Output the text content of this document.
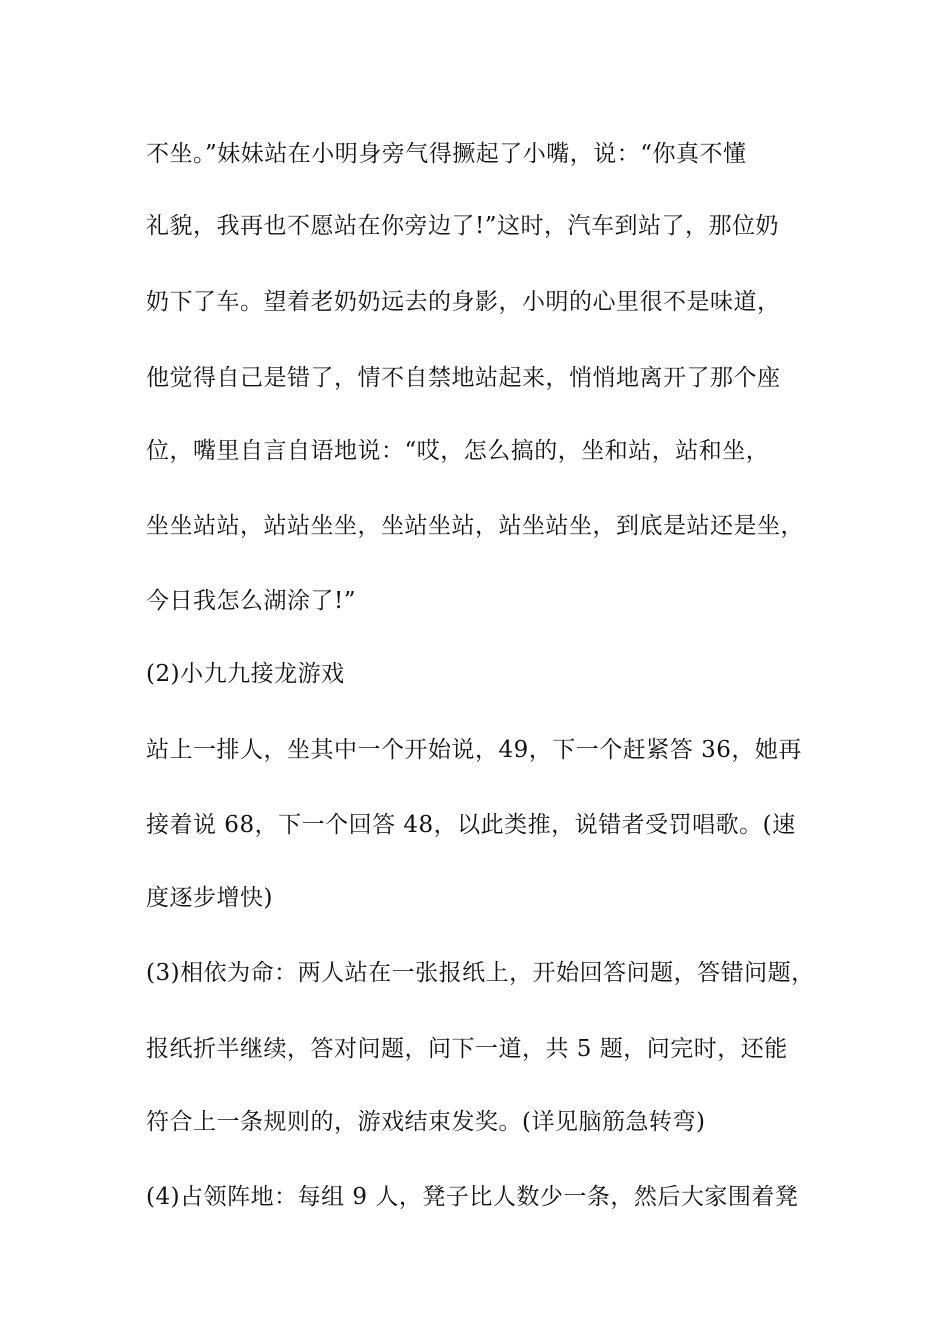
不坐。”妹妹站在小明身旁气得撅起了小嘴，说：“你真不懂
礼貌，我再也不愿站在你旁边了!”这时，汽车到站了，那位奶
奶下了车。望着老奶奶远去的身影，小明的心里很不是味道，
他觉得自己是错了，情不自禁地站起来，悄悄地离开了那个座
位，嘴里自言自语地说：“哎，怎么搞的，坐和站，站和坐，
坐坐站站，站站坐坐，坐站坐站，站坐站坐，到底是站还是坐，
今日我怎么湖涂了!”
(2)小九九接龙游戏
站上一排人，坐其中一个开始说，49，下一个赶紧答 36，她再
接着说 68，下一个回答 48，以此类推，说错者受罚唱歌。(速
度逐步增快)
(3)相依为命：两人站在一张报纸上，开始回答问题，答错问题，
报纸折半继续，答对问题，问下一道，共 5 题，问完时，还能
符合上一条规则的，游戏结束发奖。(详见脑筋急转弯)
(4)占领阵地：每组 9 人，凳子比人数少一条，然后大家围着凳
